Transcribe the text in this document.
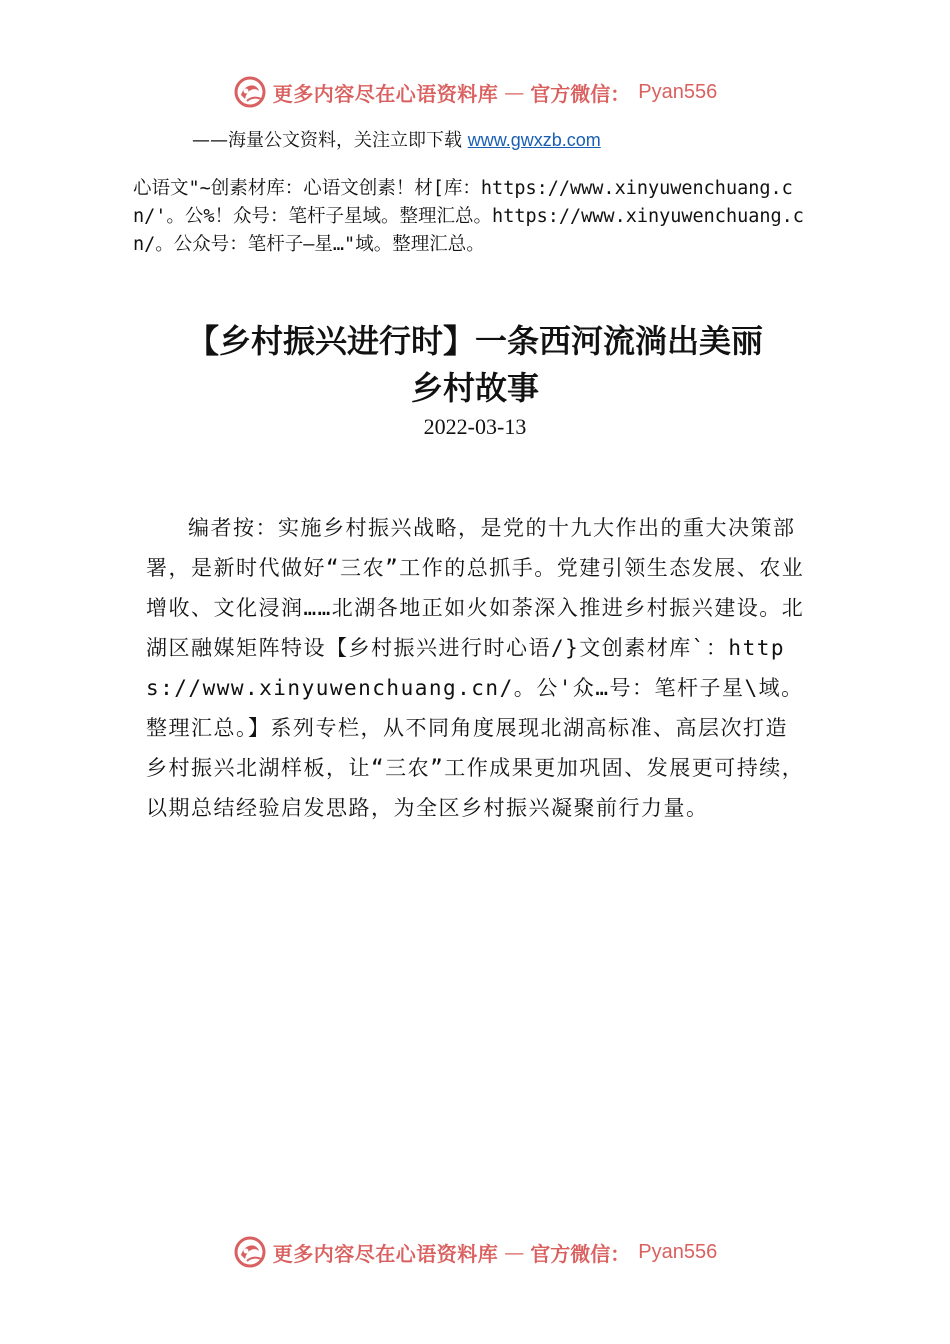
更多内容尽在心语资料库 — 官方微信： Pyan556
——海量公文资料，关注立即下载 www.gwxzb.com
心语文"~创素材库：心语文创素！材[库：https://www.xinyuwenchuang.cn/'。公%！众号：笔杆子星域。整理汇总。https://www.xinyuwenchuang.cn/。公众号：笔杆子—星…"域。整理汇总。
【乡村振兴进行时】一条西河流淌出美丽
乡村故事
2022-03-13
编者按：实施乡村振兴战略，是党的十九大作出的重大决策部署，是新时代做好“三农”工作的总抓手。党建引领生态发展、农业增收、文化浸润……北湖各地正如火如荼深入推进乡村振兴建设。北湖区融媒矩阵特设【乡村振兴进行时心语/}文创素材库`：https://www.xinyuwenchuang.cn/。公'众…号：笔杆子星\域。整理汇总。】系列专栏，从不同角度展现北湖高标准、高层次打造乡村振兴北湖样板，让“三农”工作成果更加巩固、发展更可持续，以期总结经验启发思路，为全区乡村振兴凝聚前行力量。
更多内容尽在心语资料库 — 官方微信： Pyan556
